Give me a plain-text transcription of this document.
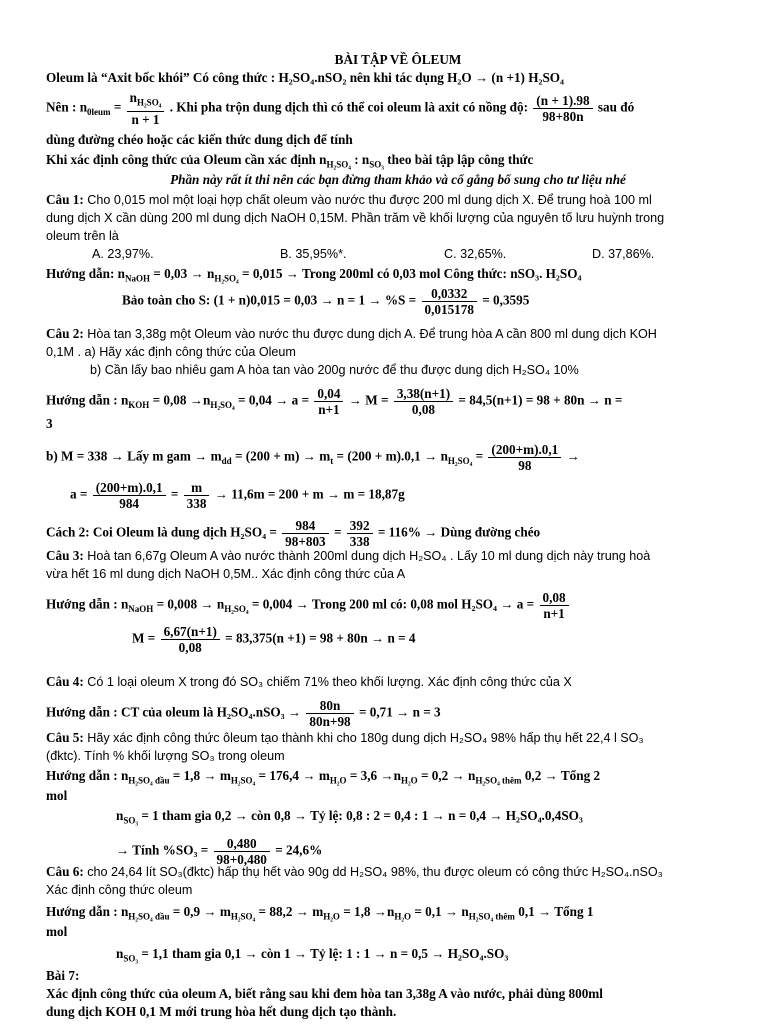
BÀI TẬP VỀ ÔLEUM
Oleum là “Axit bốc khói” Có công thức : H₂SO₄.nSO₂ nên khi tác dụng H₂O → (n +1) H₂SO₄
Nên : $n_{0leum} = \frac{n_{H_2SO_4}}{n + 1}$ . Khi pha trộn dung dịch thì có thể coi oleum là axit có nồng độ: $\frac{(n + 1).98}{98+80n}$ sau đó
dùng đường chéo hoặc các kiến thức dung dịch để tính
Khi xác định công thức của Oleum cần xác định $n_{H_2SO_4}$ : $n_{SO_3}$ theo bài tập lập công thức
Phần này rất ít thi nên các bạn đừng tham khảo và cố gắng bổ sung cho tư liệu nhé
Câu 1: Cho 0,015 mol một loại hợp chất oleum vào nước thu được 200 ml dung dịch X. Để trung hoà 100 ml
dung dịch X cần dùng 200 ml dung dịch NaOH 0,15M. Phần trăm về khối lượng của nguyên tố lưu huỳnh trong
oleum trên là
A. 23,97%.	B. 35,95%*.	C. 32,65%.	D. 37,86%.
Hướng dẫn: $n_{NaOH} = 0,03 \to n_{H_2SO_4} = 0,015$ → Trong 200ml có 0,03 mol Công thức: nSO₃. H₂SO₄
Bảo toàn cho S: $(1 + n)0,015 = 0,03 \to n = 1 \to \%S = \frac{0,0332}{0,015178} = 0,3595$
Câu 2: Hòa tan 3,38g một Oleum vào nước thu được dung dịch A. Để trung hòa A cần 800 ml dung dịch KOH
0,1M . a) Hãy xác định công thức của Oleum
b) Cần lấy bao nhiêu gam A hòa tan vào 200g nước để thu được dung dịch H₂SO₄ 10%
Hướng dẫn : $n_{KOH} = 0,08 \to n_{H_2SO_4} = 0,04 \to a = \frac{0,04}{n+1} \to M = \frac{3,38(n+1)}{0,08} = 84,5(n+1) = 98 + 80n \to n$ =
3
b) M = 338 → Lấy m gam → $m_{dd} = (200 + m) \to m_t = (200 + m).0,1 \to n_{H_2SO_4} = \frac{(200+m).0,1}{98}$ →
$a = \frac{(200+m).0,1}{984} = \frac{m}{338} \to 11,6m = 200 + m \to m = 18,87g$
Cách 2: Coi Oleum là dung dịch $H_2SO_4 = \frac{984}{98+803} = \frac{392}{338} = 116\%$ → Dùng đường chéo
Câu 3: Hoà tan 6,67g Oleum A vào nước thành 200ml dung dịch H₂SO₄ . Lấy 10 ml dung dịch này trung hoà
vừa hết 16 ml dung dịch NaOH 0,5M.. Xác định công thức của A
Hướng dẫn : $n_{NaOH} = 0,008 \to n_{H_2SO_4} = 0,004$ → Trong 200 ml có: 0,08 mol $H_2SO_4 \to a = \frac{0,08}{n+1}$
$M = \frac{6,67(n+1)}{0,08} = 83,375(n +1) = 98 + 80n \to n = 4$
Câu 4: Có 1 loại oleum X trong đó SO₃ chiếm 71% theo khối lượng. Xác định công thức của X
Hướng dẫn : CT của oleum là $H_2SO_4.nSO_3 \to \frac{80n}{80n+98} = 0,71 \to n = 3$
Câu 5: Hãy xác định công thức ôleum tạo thành khi cho 180g dung dịch H₂SO₄ 98% hấp thụ hết 22,4 l SO₃
(đktc). Tính % khối lượng SO₃ trong oleum
Hướng dẫn : $n_{H_2SO_4 đầu} = 1,8 \to m_{H_2SO_4} = 176,4 \to m_{H_2O} = 3,6 \to n_{H_2O} = 0,2 \to n_{H_2SO_4 thêm}$ 0,2 → Tổng 2
mol
$n_{SO_3} = 1$ tham gia 0,2 → còn 0,8 → Tỷ lệ: 0,8 : 2 = 0,4 : 1 → n = 0,4 → H₂SO₄.0,4SO₃
→ Tính $\%SO_3 = \frac{0,480}{98+0,480} = 24,6\%$
Câu 6: cho 24,64 lít SO₃(đktc) hấp thụ hết vào 90g dd H₂SO₄ 98%, thu được oleum có công thức H₂SO₄.nSO₃
Xác định công thức oleum
Hướng dẫn : $n_{H_2SO_4 đầu} = 0,9 \to m_{H_2SO_4} = 88,2 \to m_{H_2O} = 1,8 \to n_{H_2O} = 0,1 \to n_{H_2SO_4 thêm}$ 0,1 → Tổng 1
mol
$n_{SO_3} = 1,1$ tham gia 0,1 → còn 1 → Tỷ lệ: 1 : 1 → n = 0,5 → H₂SO₄.SO₃
Bài 7:
Xác định công thức của oleum A, biết rằng sau khi đem hòa tan 3,38g A vào nước, phải dùng 800ml
dung dịch KOH 0,1 M mới trung hòa hết dung dịch tạo thành.
